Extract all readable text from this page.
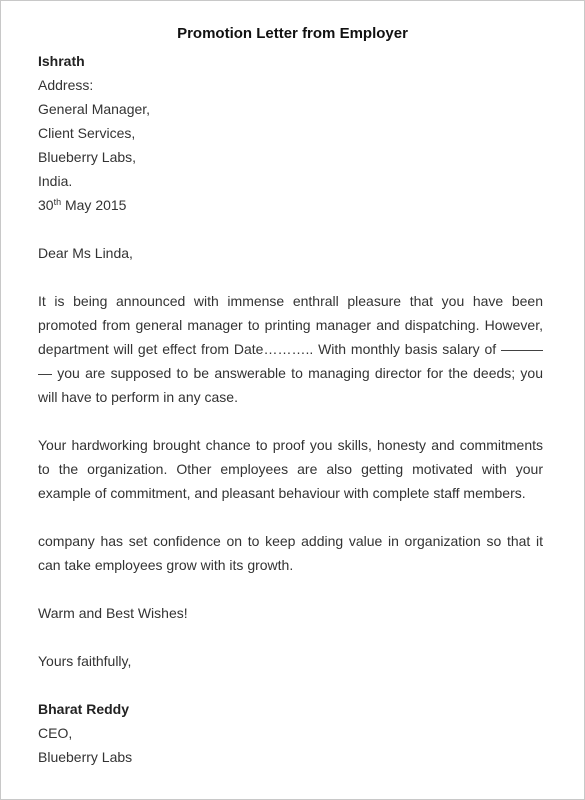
Promotion Letter from Employer
Ishrath
Address:
General Manager,
Client Services,
Blueberry Labs,
India.
30th May 2015
Dear Ms Linda,

It is being announced with immense enthrall pleasure that you have been promoted from general manager to printing manager and dispatching. However, department will get effect from Date……….. With monthly basis salary of ——— — you are supposed to be answerable to managing director for the deeds; you will have to perform in any case.

Your hardworking brought chance to proof you skills, honesty and commitments to the organization. Other employees are also getting motivated with your example of commitment, and pleasant behaviour with complete staff members.

company has set confidence on to keep adding value in organization so that it can take employees grow with its growth.

Warm and Best Wishes!
Yours faithfully,
Bharat Reddy
CEO,
Blueberry Labs
